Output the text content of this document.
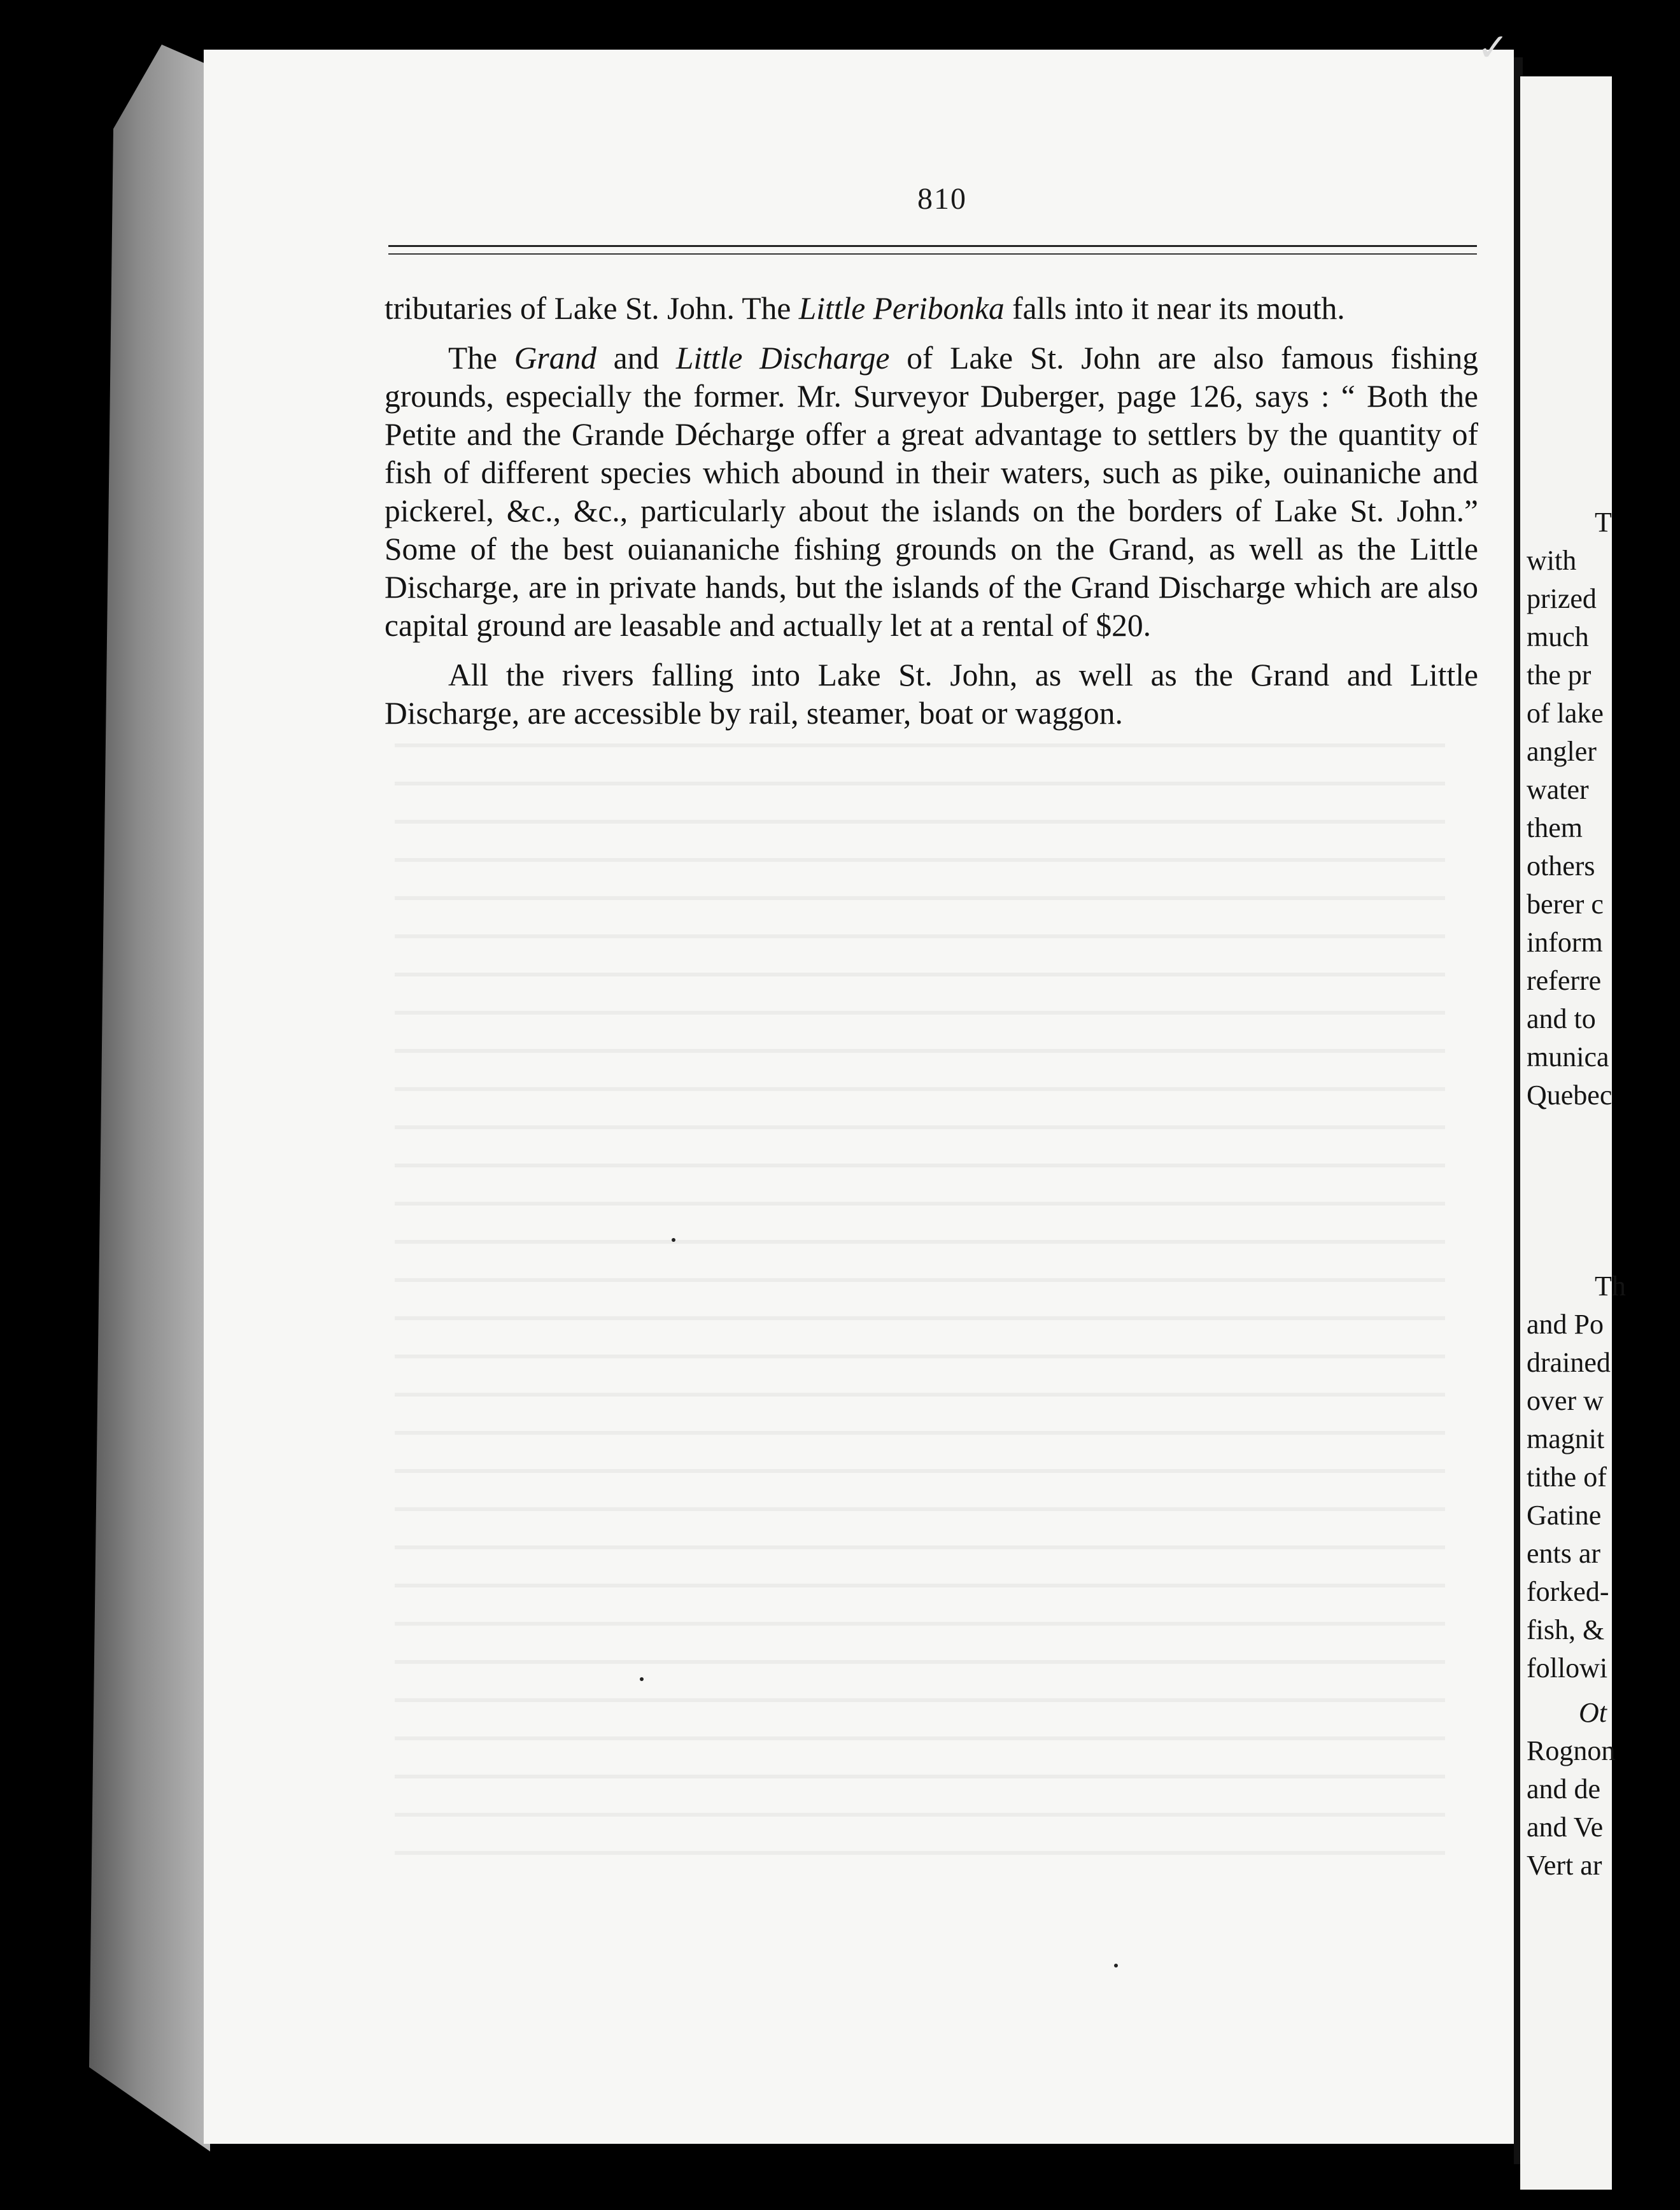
✓
810

tributaries of Lake St. John. The Little Peribonka falls into it near its mouth.

The Grand and Little Discharge of Lake St. John are also famous fishing grounds, especially the former. Mr. Surveyor Duberger, page 126, says : “ Both the Petite and the Grande Décharge offer a great advantage to settlers by the quantity of fish of different species which abound in their waters, such as pike, ouinaniche and pickerel, &c., &c., particularly about the islands on the borders of Lake St. John.” Some of the best ouiananiche fishing grounds on the Grand, as well as the Little Discharge, are in private hands, but the islands of the Grand Discharge which are also capital ground are leasable and actually let at a rental of $20.

All the rivers falling into Lake St. John, as well as the Grand and Little Discharge, are accessible by rail, steamer, boat or waggon.

T
with
prized
much
the pr
of lake
angler
water
them
others
berer c
inform
referre
and to
munica
Quebec
Th
and Po
drained
over w
magnit
tithe of
Gatine
ents ar
forked-
fish, &
followi
Ot
Rognon
and de
and Ve
Vert ar
